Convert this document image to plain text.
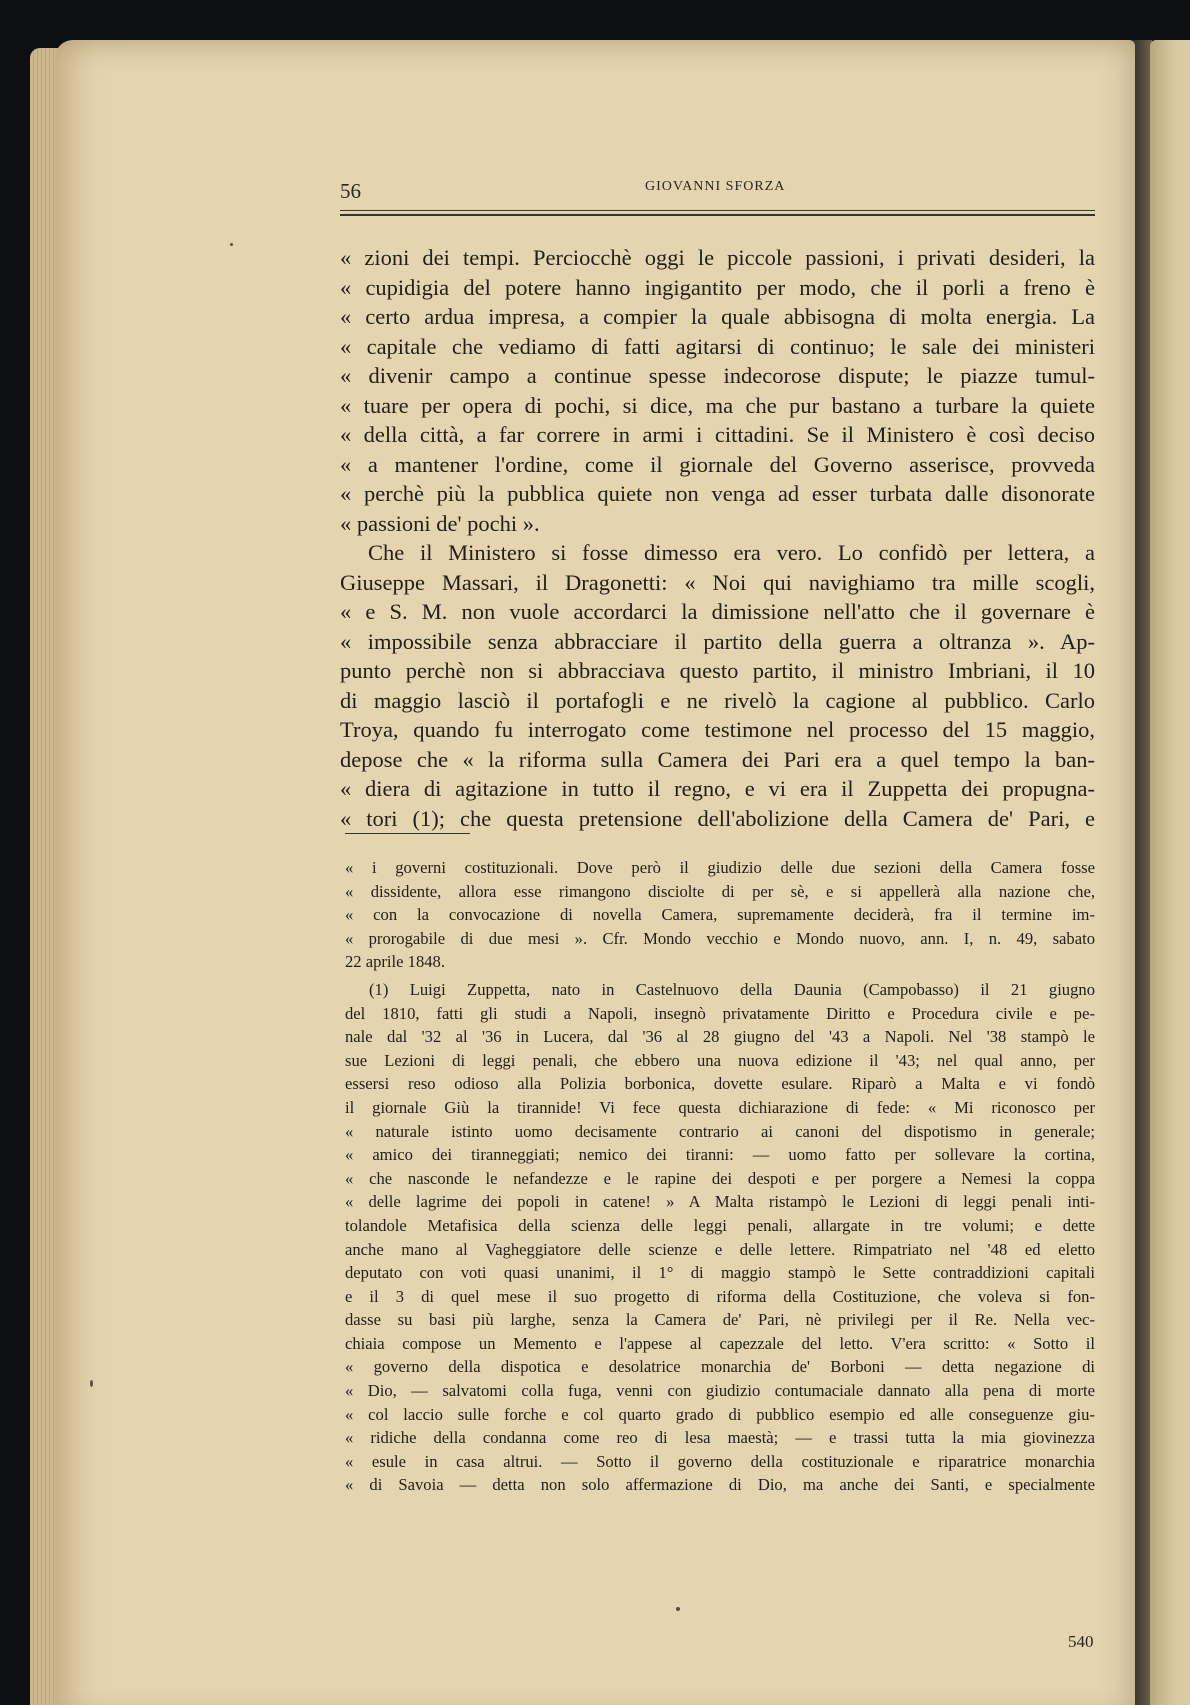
56	GIOVANNI SFORZA
« zioni dei tempi. Perciocchè oggi le piccole passioni, i privati desideri, la
« cupidigia del potere hanno ingigantito per modo, che il porli a freno è
« certo ardua impresa, a compier la quale abbisogna di molta energia. La
« capitale che vediamo di fatti agitarsi di continuo; le sale dei ministeri
« divenir campo a continue spesse indecorose dispute; le piazze tumul-
« tuare per opera di pochi, si dice, ma che pur bastano a turbare la quiete
« della città, a far correre in armi i cittadini. Se il Ministero è così deciso
« a mantener l'ordine, come il giornale del Governo asserisce, provveda
« perchè più la pubblica quiete non venga ad esser turbata dalle disonorate
« passioni de' pochi ».
Che il Ministero si fosse dimesso era vero. Lo confidò per lettera, a
Giuseppe Massari, il Dragonetti: « Noi qui navighiamo tra mille scogli,
« e S. M. non vuole accordarci la dimissione nell'atto che il governare è
« impossibile senza abbracciare il partito della guerra a oltranza ». Ap-
punto perchè non si abbracciava questo partito, il ministro Imbriani, il 10
di maggio lasciò il portafogli e ne rivelò la cagione al pubblico. Carlo
Troya, quando fu interrogato come testimone nel processo del 15 maggio,
depose che « la riforma sulla Camera dei Pari era a quel tempo la ban-
« diera di agitazione in tutto il regno, e vi era il Zuppetta dei propugna-
« tori (1); che questa pretensione dell'abolizione della Camera de' Pari, e
« i governi costituzionali. Dove però il giudizio delle due sezioni della Camera fosse
« dissidente, allora esse rimangono disciolte di per sè, e si appellerà alla nazione che,
« con la convocazione di novella Camera, supremamente deciderà, fra il termine im-
« prorogabile di due mesi ». Cfr. Mondo vecchio e Mondo nuovo, ann. I, n. 49, sabato
22 aprile 1848.
(1) Luigi Zuppetta, nato in Castelnuovo della Daunia (Campobasso) il 21 giugno
del 1810, fatti gli studi a Napoli, insegnò privatamente Diritto e Procedura civile e pe-
nale dal '32 al '36 in Lucera, dal '36 al 28 giugno del '43 a Napoli. Nel '38 stampò le
sue Lezioni di leggi penali, che ebbero una nuova edizione il '43; nel qual anno, per
essersi reso odioso alla Polizia borbonica, dovette esulare. Riparò a Malta e vi fondò
il giornale Giù la tirannide! Vi fece questa dichiarazione di fede: « Mi riconosco per
« naturale istinto uomo decisamente contrario ai canoni del dispotismo in generale;
« amico dei tiranneggiati; nemico dei tiranni: — uomo fatto per sollevare la cortina,
« che nasconde le nefandezze e le rapine dei despoti e per porgere a Nemesi la coppa
« delle lagrime dei popoli in catene! » A Malta ristampò le Lezioni di leggi penali inti-
tolandole Metafisica della scienza delle leggi penali, allargate in tre volumi; e dette
anche mano al Vagheggiatore delle scienze e delle lettere. Rimpatriato nel '48 ed eletto
deputato con voti quasi unanimi, il 1° di maggio stampò le Sette contraddizioni capitali
e il 3 di quel mese il suo progetto di riforma della Costituzione, che voleva si fon-
dasse su basi più larghe, senza la Camera de' Pari, nè privilegi per il Re. Nella vec-
chiaia compose un Memento e l'appese al capezzale del letto. V'era scritto: « Sotto il
« governo della dispotica e desolatrice monarchia de' Borboni — detta negazione di
« Dio, — salvatomi colla fuga, venni con giudizio contumaciale dannato alla pena di morte
« col laccio sulle forche e col quarto grado di pubblico esempio ed alle conseguenze giu-
« ridiche della condanna come reo di lesa maestà; — e trassi tutta la mia giovinezza
« esule in casa altrui. — Sotto il governo della costituzionale e riparatrice monarchia
« di Savoia — detta non solo affermazione di Dio, ma anche dei Santi, e specialmente
540
